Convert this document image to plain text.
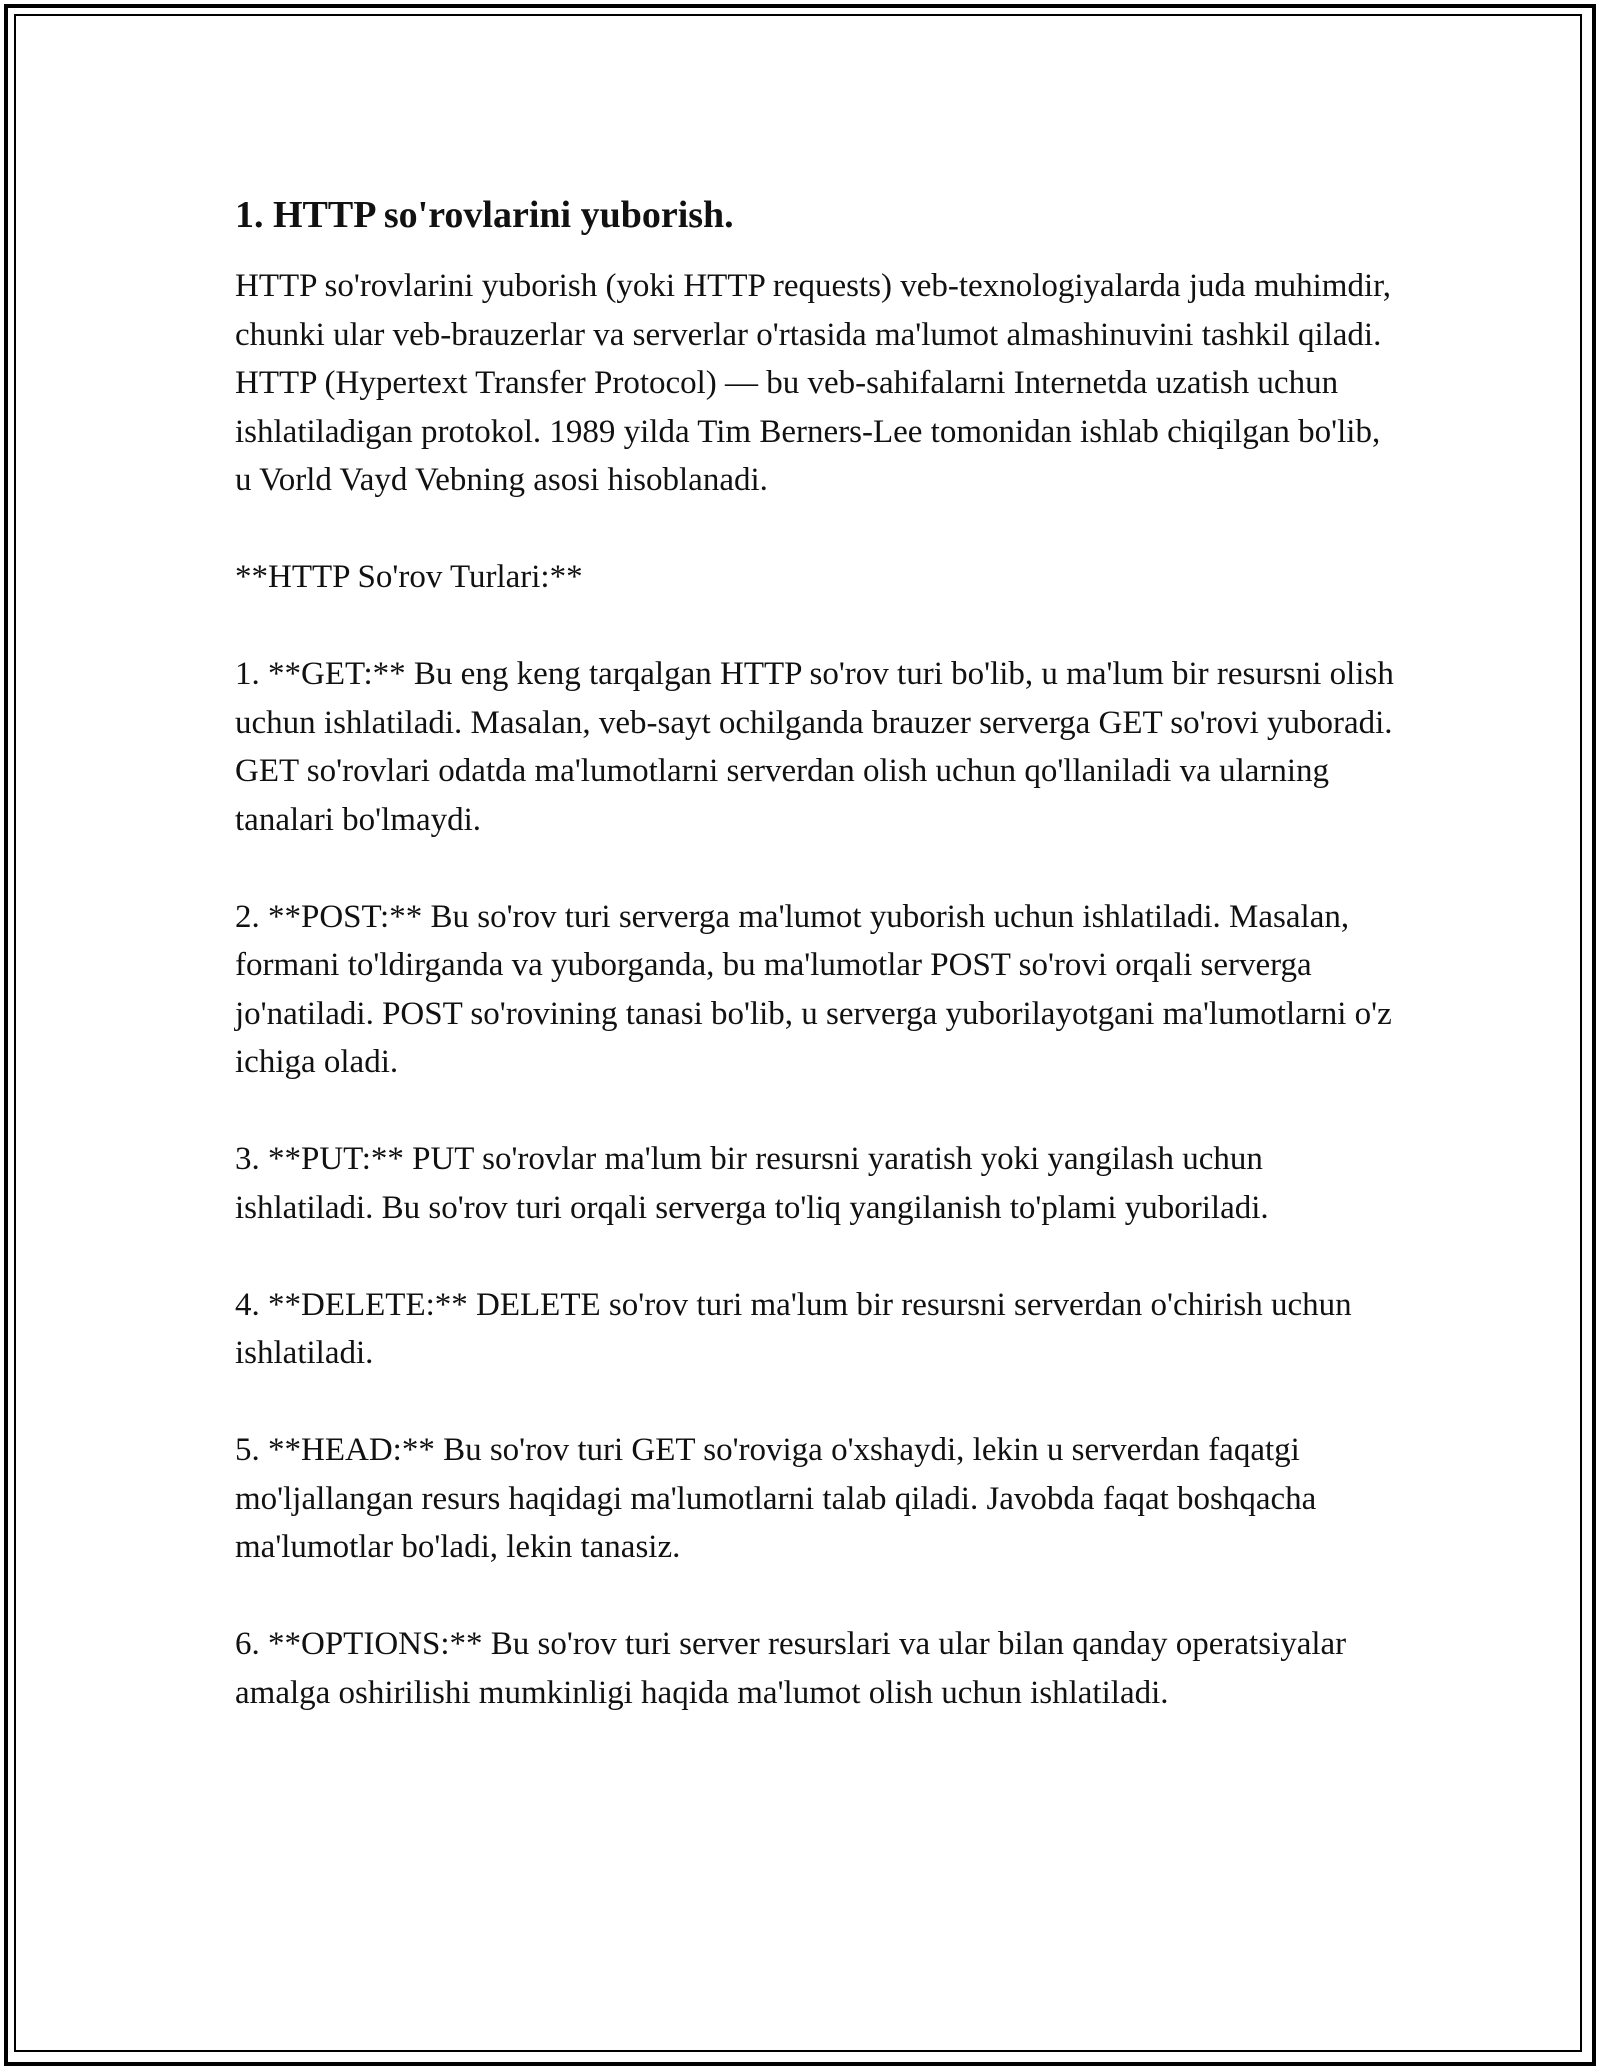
1. HTTP so'rovlarini yuborish.

HTTP so'rovlarini yuborish (yoki HTTP requests) veb-texnologiyalarda juda muhimdir, chunki ular veb-brauzerlar va serverlar o'rtasida ma'lumot almashinuvini tashkil qiladi. HTTP (Hypertext Transfer Protocol) — bu veb-sahifalarni Internetda uzatish uchun ishlatiladigan protokol. 1989 yilda Tim Berners-Lee tomonidan ishlab chiqilgan bo'lib, u Vorld Vayd Vebning asosi hisoblanadi.

**HTTP So'rov Turlari:**

1. **GET:** Bu eng keng tarqalgan HTTP so'rov turi bo'lib, u ma'lum bir resursni olish uchun ishlatiladi. Masalan, veb-sayt ochilganda brauzer serverga GET so'rovi yuboradi. GET so'rovlari odatda ma'lumotlarni serverdan olish uchun qo'llaniladi va ularning tanalari bo'lmaydi.

2. **POST:** Bu so'rov turi serverga ma'lumot yuborish uchun ishlatiladi. Masalan, formani to'ldirganda va yuborganda, bu ma'lumotlar POST so'rovi orqali serverga jo'natiladi. POST so'rovining tanasi bo'lib, u serverga yuborilayotgani ma'lumotlarni o'z ichiga oladi.

3. **PUT:** PUT so'rovlar ma'lum bir resursni yaratish yoki yangilash uchun ishlatiladi. Bu so'rov turi orqali serverga to'liq yangilanish to'plami yuboriladi.

4. **DELETE:** DELETE so'rov turi ma'lum bir resursni serverdan o'chirish uchun ishlatiladi.

5. **HEAD:** Bu so'rov turi GET so'roviga o'xshaydi, lekin u serverdan faqatgi mo'ljallangan resurs haqidagi ma'lumotlarni talab qiladi. Javobda faqat boshqacha ma'lumotlar bo'ladi, lekin tanasiz.

6. **OPTIONS:** Bu so'rov turi server resurslari va ular bilan qanday operatsiyalar amalga oshirilishi mumkinligi haqida ma'lumot olish uchun ishlatiladi.
